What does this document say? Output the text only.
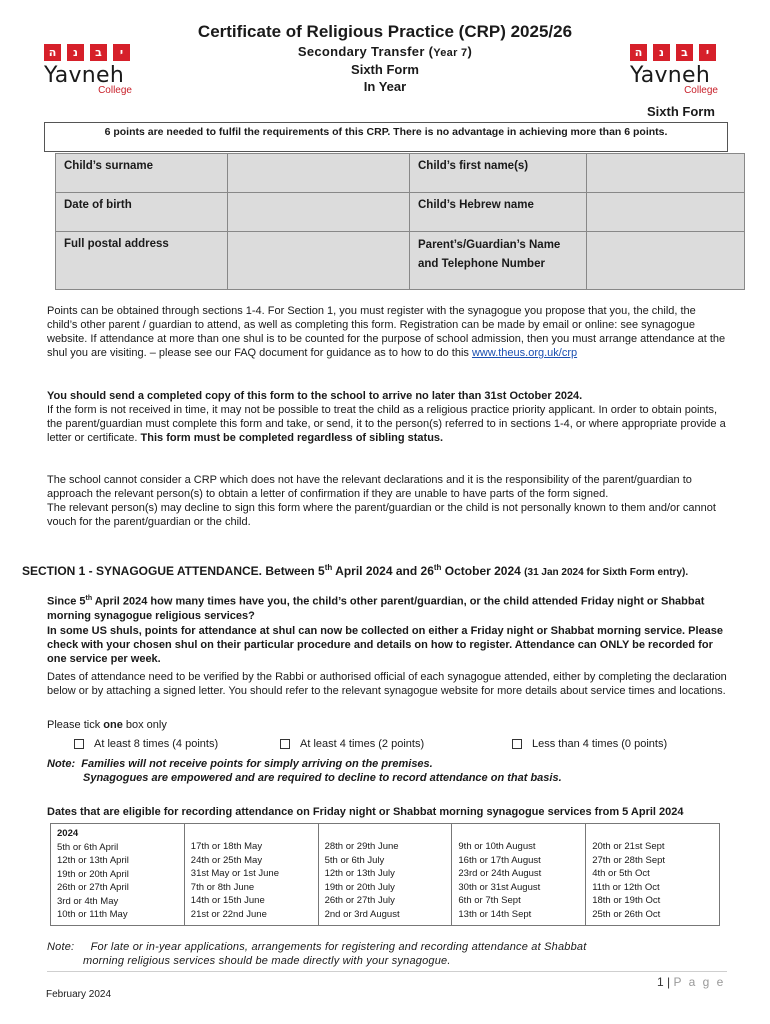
Certificate of Religious Practice (CRP) 2025/26
Secondary Transfer (Year 7)
Sixth Form
In Year
ה	נ	ב	י
Yavneh
College
ה	נ	ב	י
Yavneh
College
Sixth Form
6 points are needed to fulfil the requirements of this CRP. There is no advantage in achieving more than 6 points.
Child’s surname		Child’s first name(s)	
Date of birth		Child’s Hebrew name	
Full postal address		Parent’s/Guardian’s Name
and Telephone Number	

Points can be obtained through sections 1-4. For Section 1, you must register with the synagogue you propose that you, the child, the child’s other parent / guardian to attend, as well as completing this form. Registration can be made by email or online: see synagogue website. If attendance at more than one shul is to be counted for the purpose of school admission, then you must arrange attendance at the shul you are visiting. – please see our FAQ document for guidance as to how to do this www.theus.org.uk/crp
You should send a completed copy of this form to the school to arrive no later than 31st October 2024.
If the form is not received in time, it may not be possible to treat the child as a religious practice priority applicant. In order to obtain points, the parent/guardian must complete this form and take, or send, it to the person(s) referred to in sections 1-4, or where appropriate provide a letter or certificate. This form must be completed regardless of sibling status.
The school cannot consider a CRP which does not have the relevant declarations and it is the responsibility of the parent/guardian to approach the relevant person(s) to obtain a letter of confirmation if they are unable to have parts of the form signed.
The relevant person(s) may decline to sign this form where the parent/guardian or the child is not personally known to them and/or cannot vouch for the parent/guardian or the child.
SECTION 1 - SYNAGOGUE ATTENDANCE. Between 5th April 2024 and 26th October 2024 (31 Jan 2024 for Sixth Form entry).
Since 5th April 2024 how many times have you, the child’s other parent/guardian, or the child attended Friday night or Shabbat morning synagogue religious services?
In some US shuls, points for attendance at shul can now be collected on either a Friday night or Shabbat morning service. Please check with your chosen shul on their particular procedure and details on how to register. Attendance can ONLY be recorded for one service per week.
Dates of attendance need to be verified by the Rabbi or authorised official of each synagogue attended, either by completing the declaration below or by attaching a signed letter. You should refer to the relevant synagogue website for more details about service times and locations.
Please tick one box only
At least 8 times (4 points)	At least 4 times (2 points)	Less than 4 times (0 points)
Note: Families will not receive points for simply arriving on the premises.
Synagogues are empowered and are required to decline to record attendance on that basis.
Dates that are eligible for recording attendance on Friday night or Shabbat morning synagogue services from 5 April 2024
2024
5th or 6th April
12th or 13th April
19th or 20th April
26th or 27th April
3rd or 4th May
10th or 11th May

17th or 18th May
24th or 25th May
31st May or 1st June
7th or 8th June
14th or 15th June
21st or 22nd June

28th or 29th June
5th or 6th July
12th or 13th July
19th or 20th July
26th or 27th July
2nd or 3rd August

9th or 10th August
16th or 17th August
23rd or 24th August
30th or 31st August
6th or 7th Sept
13th or 14th Sept

20th or 21st Sept
27th or 28th Sept
4th or 5th Oct
11th or 12th Oct
18th or 19th Oct
25th or 26th Oct
Note: For late or in-year applications, arrangements for registering and recording attendance at Shabbat
morning religious services should be made directly with your synagogue.
1 | P a g e
February 2024
